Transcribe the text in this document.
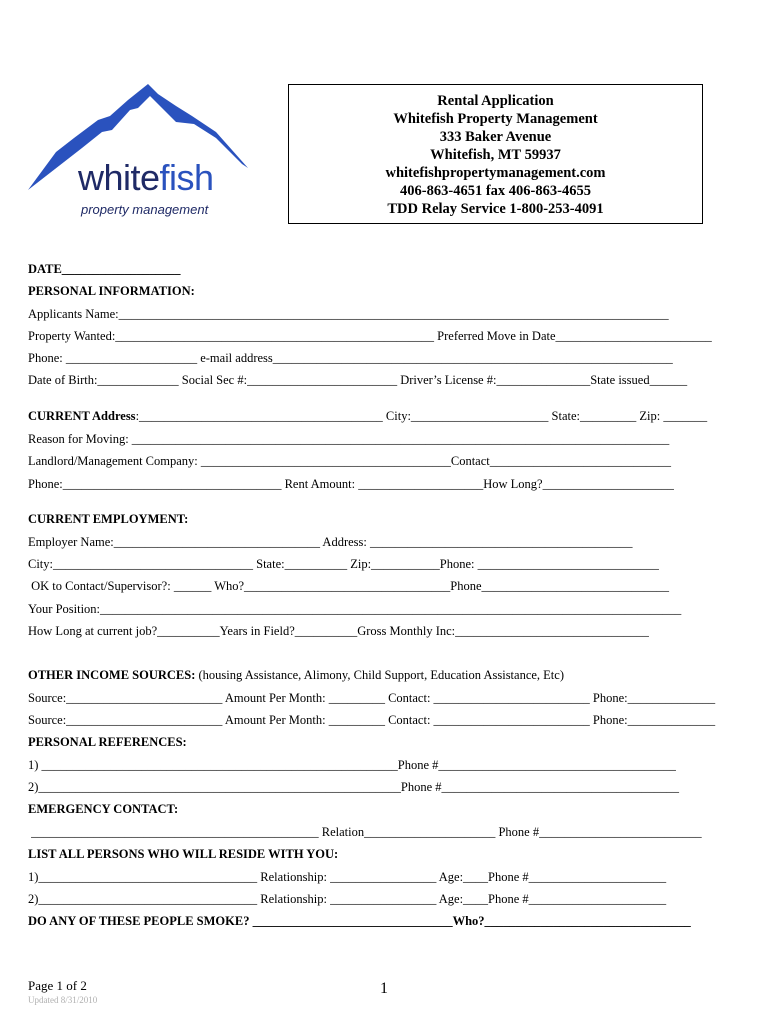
whitefish
property management
Rental Application
Whitefish Property Management
333 Baker Avenue
Whitefish, MT 59937
whitefishpropertymanagement.com
406-863-4651 fax 406-863-4655
TDD Relay Service 1-800-253-4091
DATE___________________
PERSONAL INFORMATION:
Applicants Name:________________________________________________________________________________________
Property Wanted:___________________________________________________ Preferred Move in Date_________________________
Phone: _____________________ e-mail address________________________________________________________________
Date of Birth:_____________ Social Sec #:________________________ Driver’s License #:_______________State issued______
CURRENT Address:_______________________________________ City:______________________ State:_________ Zip: _______
Reason for Moving: ______________________________________________________________________________________
Landlord/Management Company: ________________________________________Contact_____________________________
Phone:___________________________________ Rent Amount: ____________________How Long?_____________________
CURRENT EMPLOYMENT:
Employer Name:_________________________________ Address: __________________________________________
City:________________________________ State:__________ Zip:___________Phone: _____________________________
OK to Contact/Supervisor?: ______ Who?_________________________________Phone______________________________
Your Position:_____________________________________________________________________________________________
How Long at current job?__________Years in Field?__________Gross Monthly Inc:_______________________________
OTHER INCOME SOURCES: (housing Assistance, Alimony, Child Support, Education Assistance, Etc)
Source:_________________________ Amount Per Month: _________ Contact: _________________________ Phone:______________
Source:_________________________ Amount Per Month: _________ Contact: _________________________ Phone:______________
PERSONAL REFERENCES:
1) _________________________________________________________Phone #______________________________________
2)__________________________________________________________Phone #______________________________________
EMERGENCY CONTACT:
______________________________________________ Relation_____________________ Phone #__________________________
LIST ALL PERSONS WHO WILL RESIDE WITH YOU:
1)___________________________________ Relationship: _________________ Age:____Phone #______________________
2)___________________________________ Relationship: _________________ Age:____Phone #______________________
DO ANY OF THESE PEOPLE SMOKE? ________________________________Who?_________________________________
Page 1 of 2
Updated 8/31/2010
1
